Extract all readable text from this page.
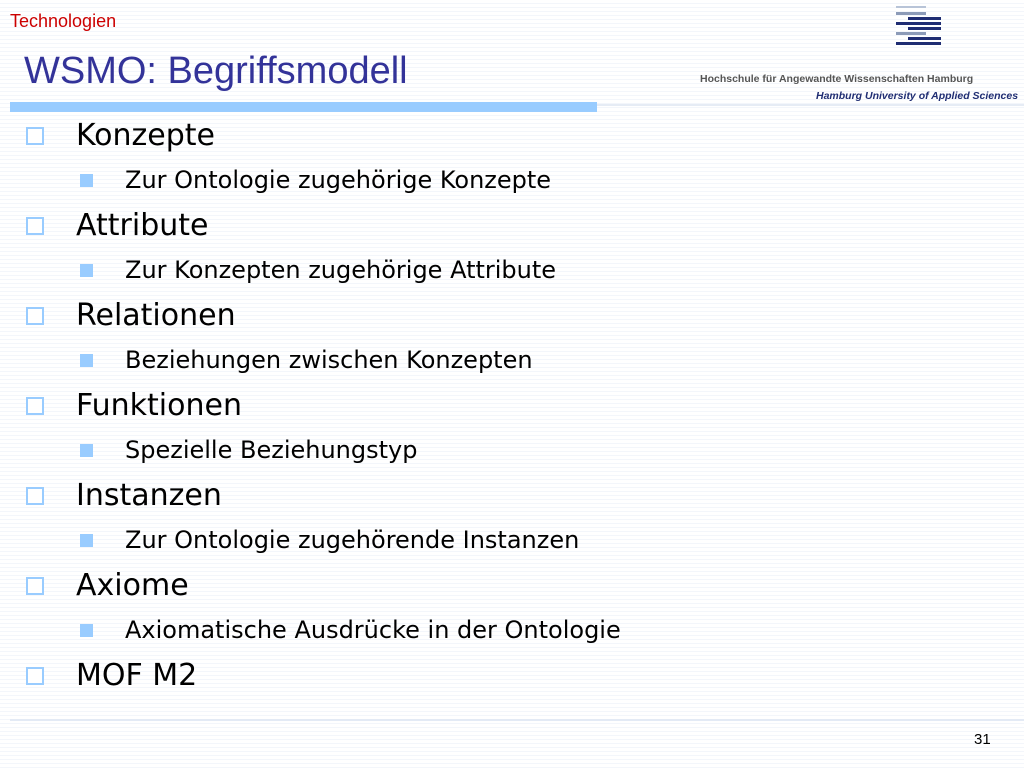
Technologien
WSMO: Begriffsmodell	Hochschule für Angewandte Wissenschaften Hamburg
Hamburg University of Applied Sciences
Konzepte
Zur Ontologie zugehörige Konzepte
Attribute
Zur Konzepten zugehörige Attribute
Relationen
Beziehungen zwischen Konzepten
Funktionen
Spezielle Beziehungstyp
Instanzen
Zur Ontologie zugehörende Instanzen
Axiome
Axiomatische Ausdrücke in der Ontologie
MOF M2
31
